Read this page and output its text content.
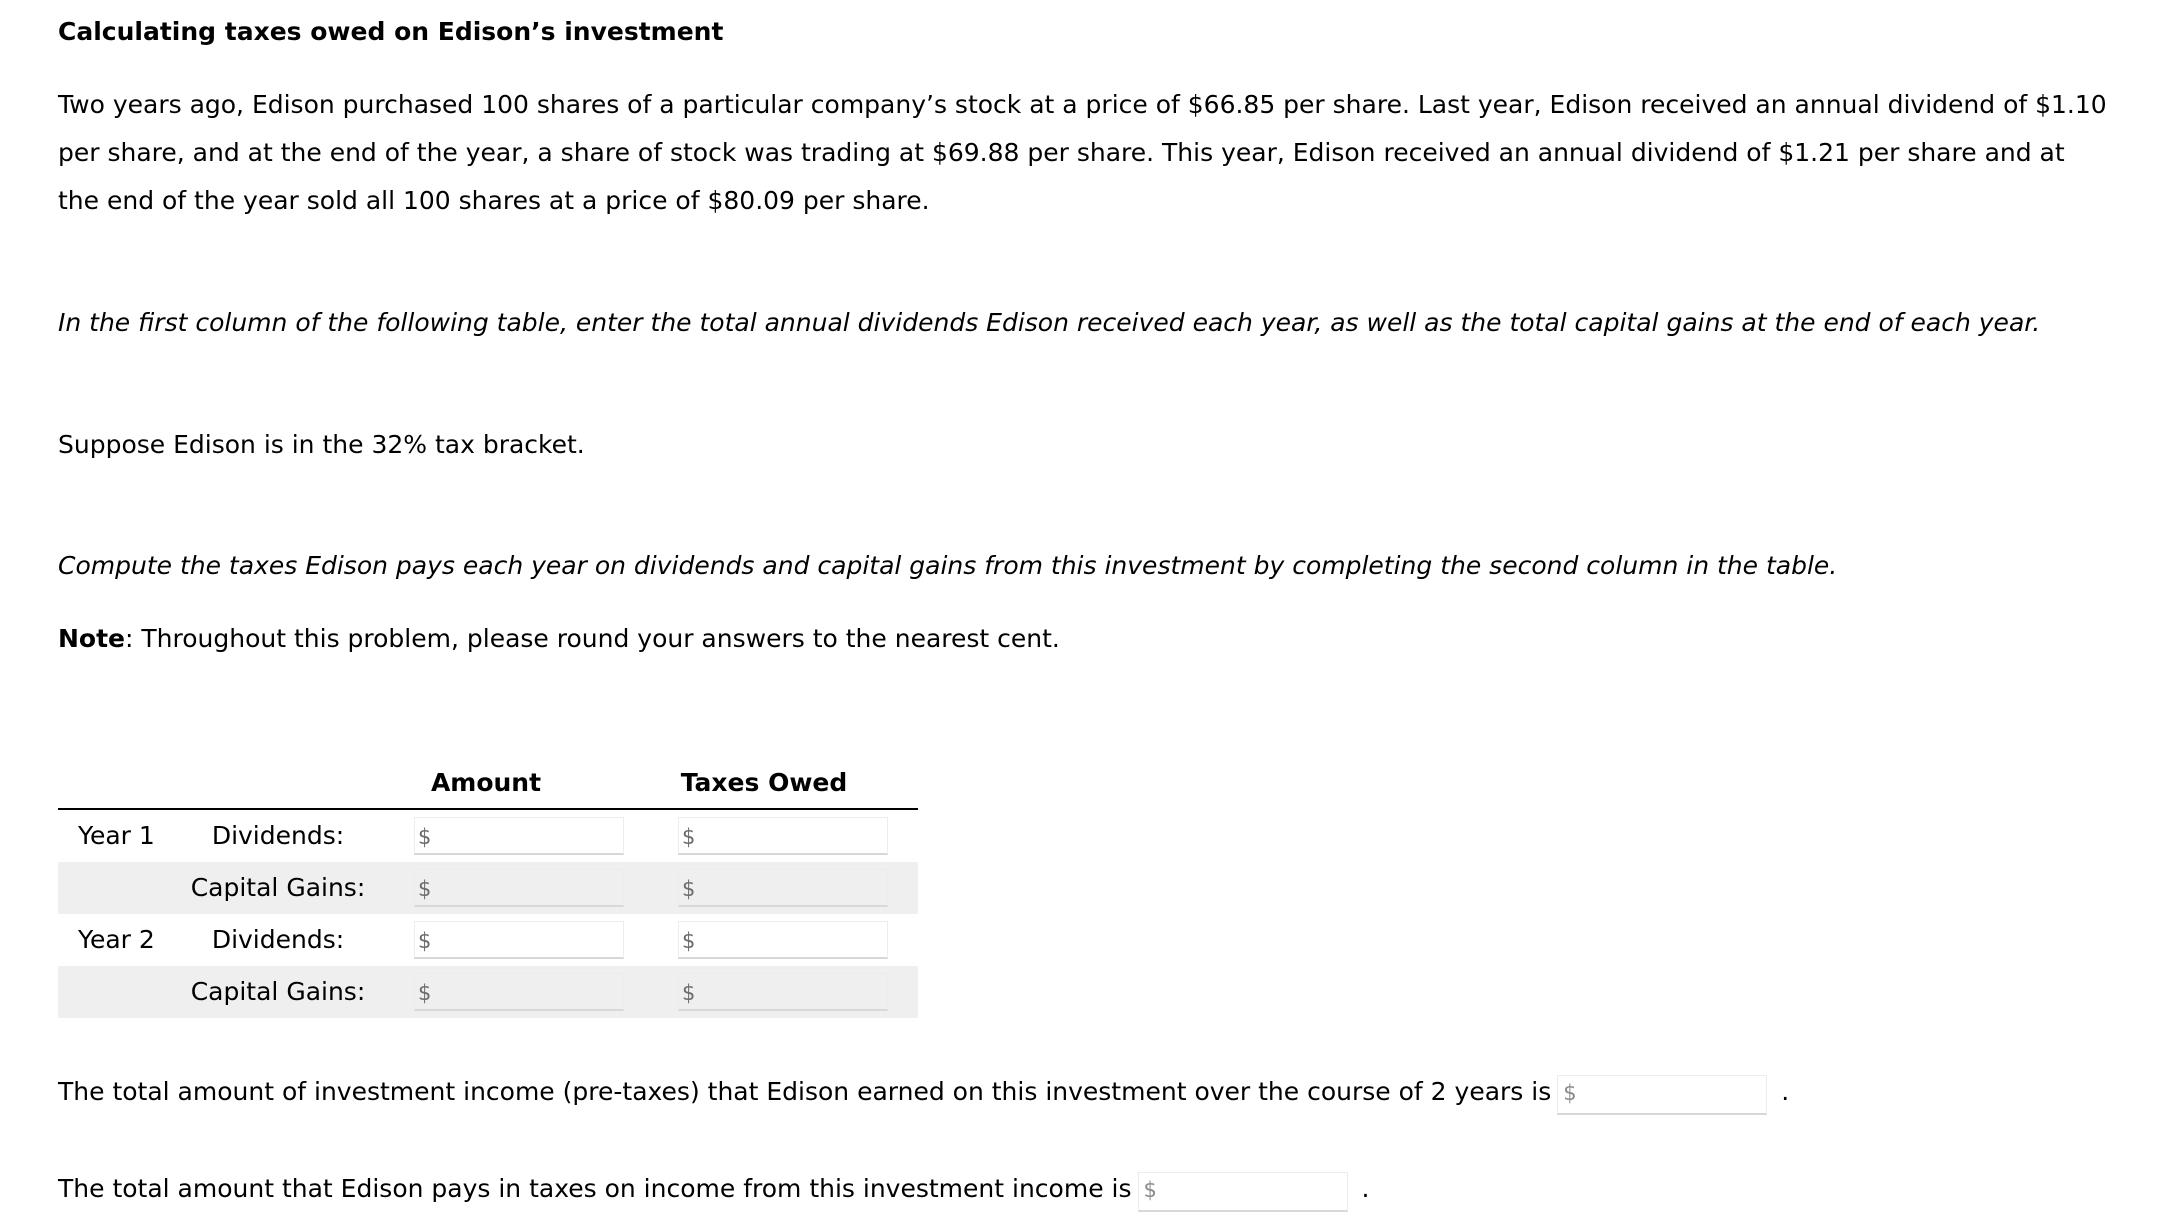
Calculating taxes owed on Edison’s investment
Two years ago, Edison purchased 100 shares of a particular company’s stock at a price of $66.85 per share. Last year, Edison received an annual dividend of $1.10 per share, and at the end of the year, a share of stock was trading at $69.88 per share. This year, Edison received an annual dividend of $1.21 per share and at the end of the year sold all 100 shares at a price of $80.09 per share.
In the first column of the following table, enter the total annual dividends Edison received each year, as well as the total capital gains at the end of each year.
Suppose Edison is in the 32% tax bracket.
Compute the taxes Edison pays each year on dividends and capital gains from this investment by completing the second column in the table.
Note: Throughout this problem, please round your answers to the nearest cent.
Amount	Taxes Owed
Year 1	Dividends:	$	$
Capital Gains:	$	$
Year 2	Dividends:	$	$
Capital Gains:	$	$
The total amount of investment income (pre-taxes) that Edison earned on this investment over the course of 2 years is $	.
The total amount that Edison pays in taxes on income from this investment income is $	.
